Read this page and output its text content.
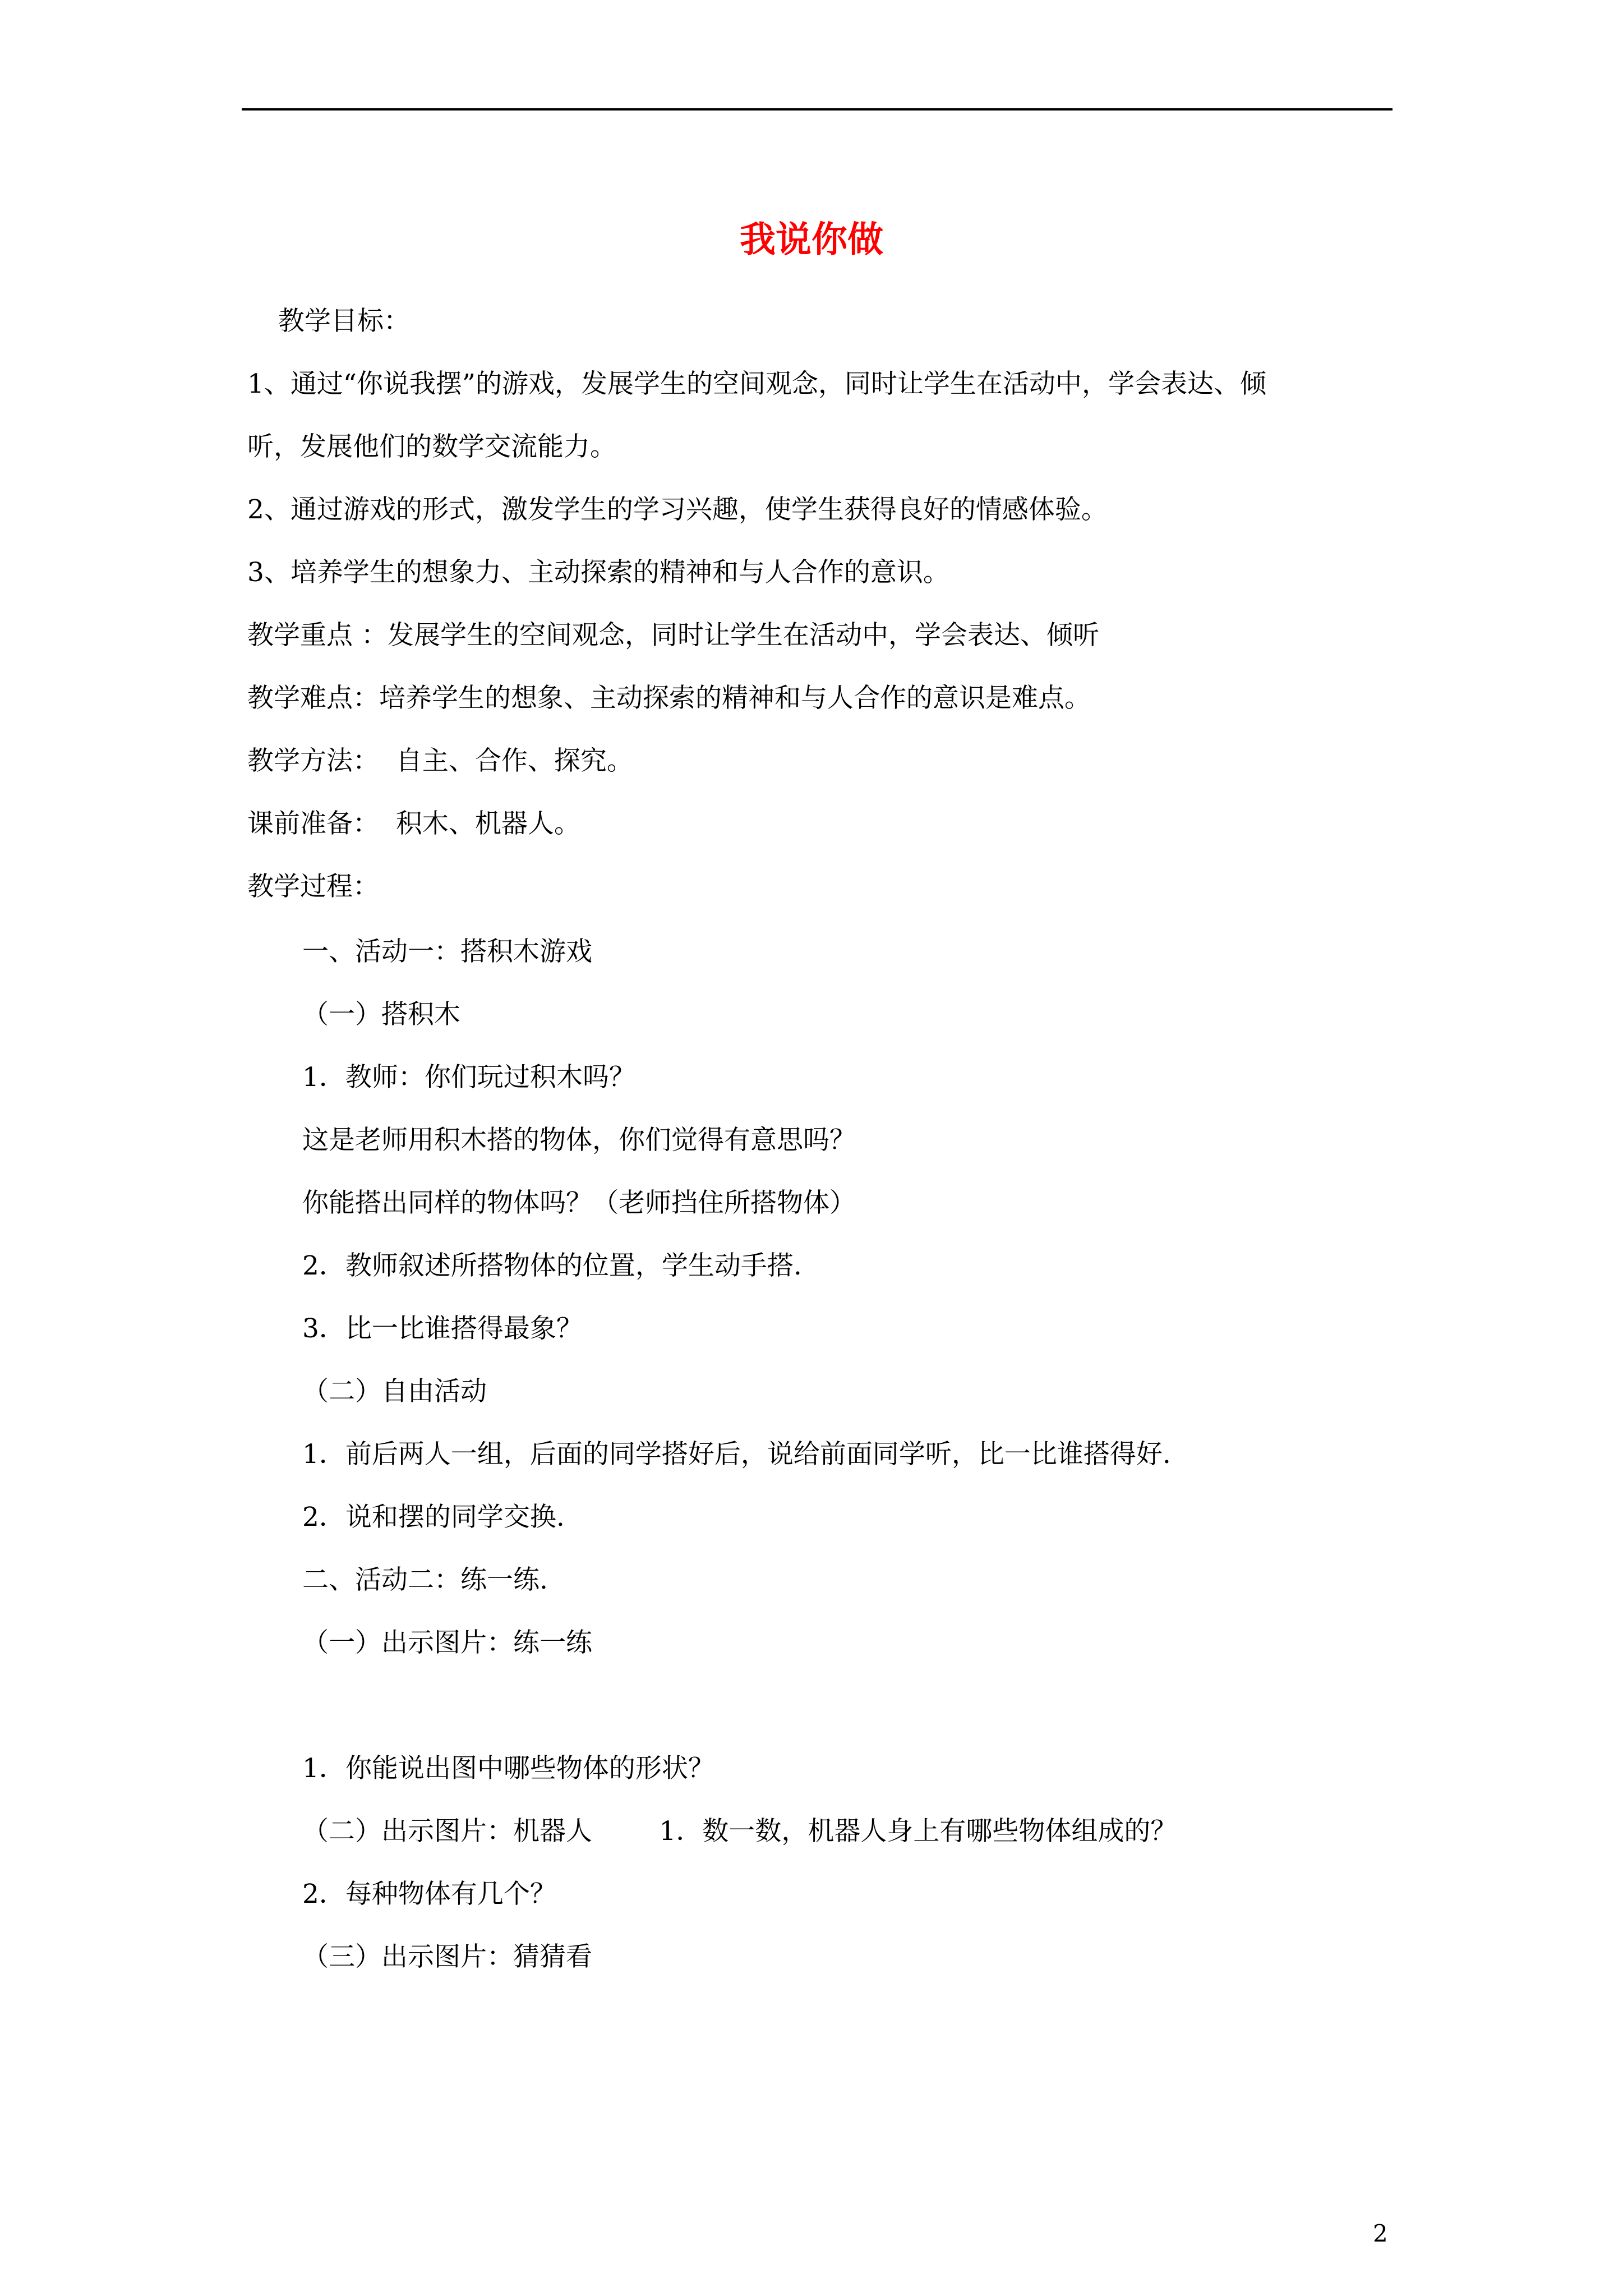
我说你做
教学目标：
1、通过“你说我摆”的游戏，发展学生的空间观念，同时让学生在活动中，学会表达、倾
听，发展他们的数学交流能力。
2、通过游戏的形式，激发学生的学习兴趣，使学生获得良好的情感体验。
3、培养学生的想象力、主动探索的精神和与人合作的意识。
教学重点 ：发展学生的空间观念，同时让学生在活动中，学会表达、倾听
教学难点：培养学生的想象、主动探索的精神和与人合作的意识是难点。
教学方法：  自主、合作、探究。
课前准备：  积木、机器人。
教学过程：
一、活动一：搭积木游戏
（一）搭积木
1．教师：你们玩过积木吗？
这是老师用积木搭的物体，你们觉得有意思吗？
你能搭出同样的物体吗？（老师挡住所搭物体）
2．教师叙述所搭物体的位置，学生动手搭.
3．比一比谁搭得最象？
（二）自由活动
1．前后两人一组，后面的同学搭好后，说给前面同学听，比一比谁搭得好.
2．说和摆的同学交换.
二、活动二：练一练.
（一）出示图片：练一练
1．你能说出图中哪些物体的形状？
（二）出示图片：机器人        1．数一数，机器人身上有哪些物体组成的？
2．每种物体有几个？
（三）出示图片：猜猜看
2
